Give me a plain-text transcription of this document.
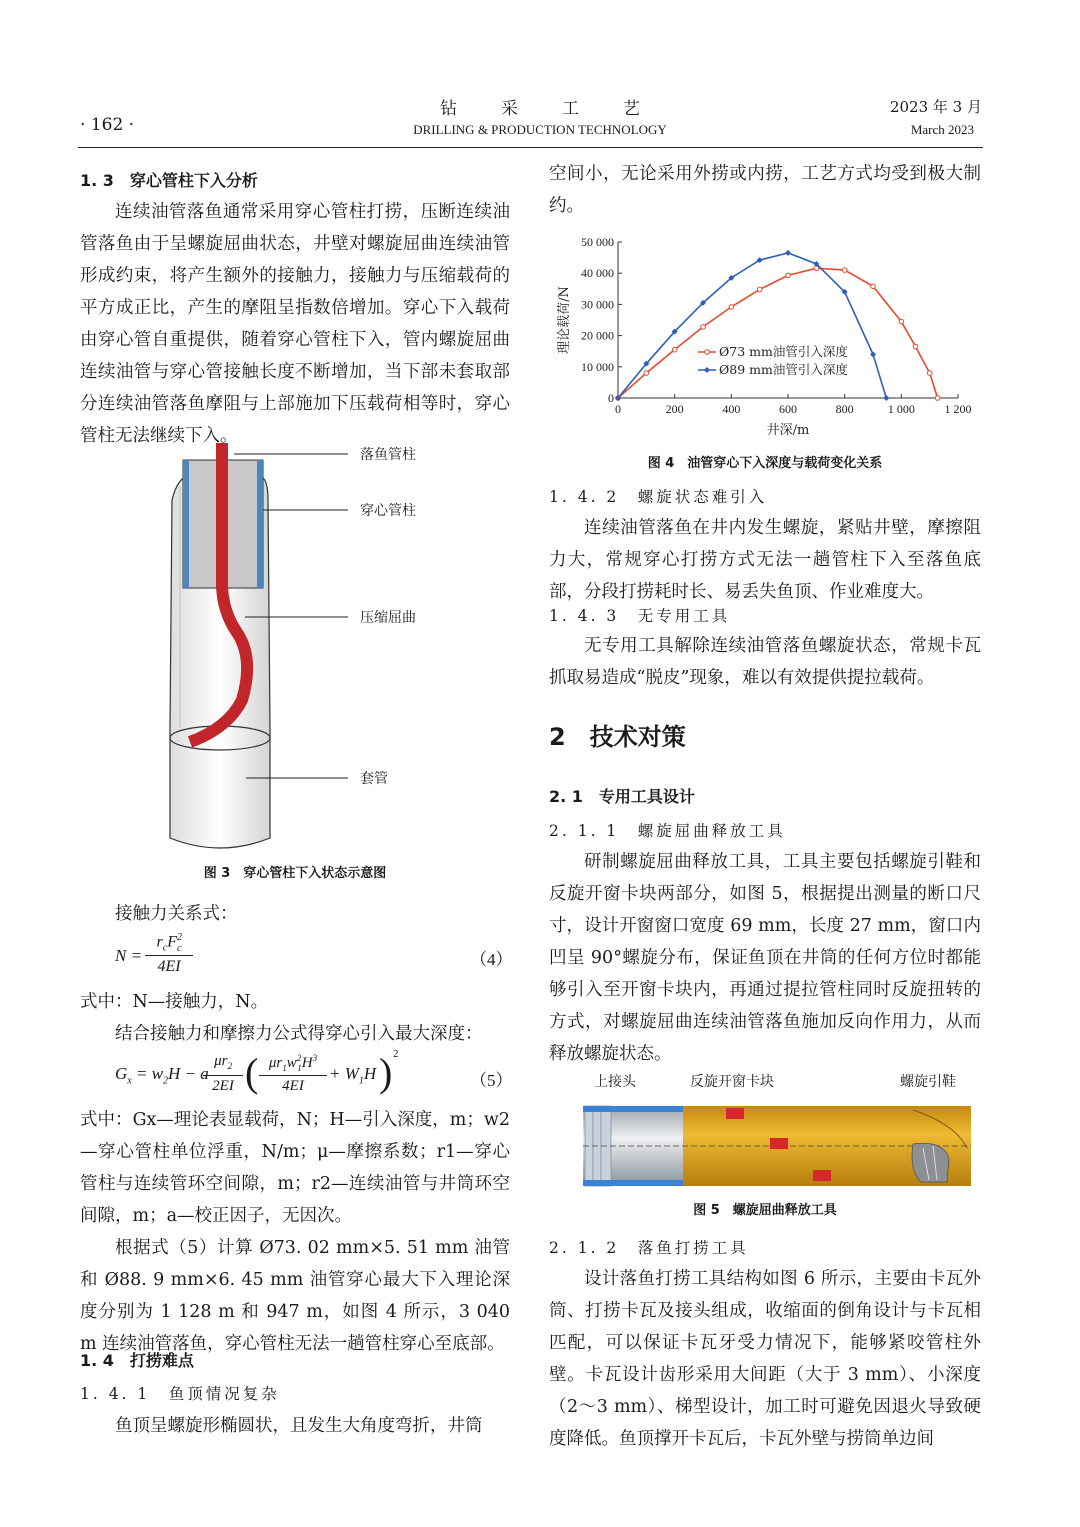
· 162 ·
钻采工艺
DRILLING & PRODUCTION TECHNOLOGY
2023 年 3 月
March 2023
1. 3　穿心管柱下入分析

连续油管落鱼通常采用穿心管柱打捞，压断连续油管落鱼由于呈螺旋屈曲状态，井壁对螺旋屈曲连续油管形成约束，将产生额外的接触力，接触力与压缩载荷的平方成正比，产生的摩阻呈指数倍增加。穿心下入载荷由穿心管自重提供，随着穿心管柱下入，管内螺旋屈曲连续油管与穿心管接触长度不断增加，当下部未套取部分连续油管落鱼摩阻与上部施加下压载荷相等时，穿心管柱无法继续下入。

落鱼管柱
穿心管柱
压缩屈曲
套管
图 3　穿心管柱下入状态示意图

接触力关系式：

N =
$r_cF^2_c$
4EI	（4）

式中：N—接触力，N。

结合接触力和摩擦力公式得穿心引入最大深度：

$G_x = w_2H - a$
$\mu r_2$
2EI ( $\mu r_1w^2_1H^3$
4EI
+ $W_1H$ ) 2
（5）

式中：Gx—理论表显载荷，N；H—引入深度，m；w2—穿心管柱单位浮重，N/m；μ—摩擦系数；r1—穿心管柱与连续管环空间隙，m；r2—连续油管与井筒环空间隙，m；a—校正因子，无因次。

根据式（5）计算 Ø73. 02 mm×5. 51 mm 油管和 Ø88. 9 mm×6. 45 mm 油管穿心最大下入理论深度分别为 1 128 m 和 947 m，如图 4 所示，3 040 m 连续油管落鱼，穿心管柱无法一趟管柱穿心至底部。

1. 4　打捞难点
1. 4. 1　鱼顶情况复杂

鱼顶呈螺旋形椭圆状，且发生大角度弯折，井筒

空间小，无论采用外捞或内捞，工艺方式均受到极大制约。

0	200	400	600	800	1 000 1 200
0
10 000
20 000
30 000
40 000
50 000
井深/m
理论载荷/N	Ø73 mm油管引入深度
Ø89 mm油管引入深度
图 4　油管穿心下入深度与载荷变化关系
1. 4. 2　螺旋状态难引入

连续油管落鱼在井内发生螺旋，紧贴井壁，摩擦阻力大，常规穿心打捞方式无法一趟管柱下入至落鱼底部，分段打捞耗时长、易丢失鱼顶、作业难度大。

1. 4. 3　无专用工具

无专用工具解除连续油管落鱼螺旋状态，常规卡瓦抓取易造成“脱皮”现象，难以有效提供提拉载荷。

2　技术对策
2. 1　专用工具设计
2. 1. 1　螺旋屈曲释放工具

研制螺旋屈曲释放工具，工具主要包括螺旋引鞋和反旋开窗卡块两部分，如图 5，根据提出测量的断口尺寸，设计开窗窗口宽度 69 mm，长度 27 mm，窗口内凹呈 90°螺旋分布，保证鱼顶在井筒的任何方位时都能够引入至开窗卡块内，再通过提拉管柱同时反旋扭转的方式，对螺旋屈曲连续油管落鱼施加反向作用力，从而释放螺旋状态。

上接头	反旋开窗卡块	螺旋引鞋
图 5　螺旋屈曲释放工具
2. 1. 2　落鱼打捞工具

设计落鱼打捞工具结构如图 6 所示，主要由卡瓦外筒、打捞卡瓦及接头组成，收缩面的倒角设计与卡瓦相匹配，可以保证卡瓦牙受力情况下，能够紧咬管柱外壁。卡瓦设计齿形采用大间距（大于 3 mm）、小深度（2～3 mm）、梯型设计，加工时可避免因退火导致硬度降低。鱼顶撑开卡瓦后，卡瓦外壁与捞筒单边间
